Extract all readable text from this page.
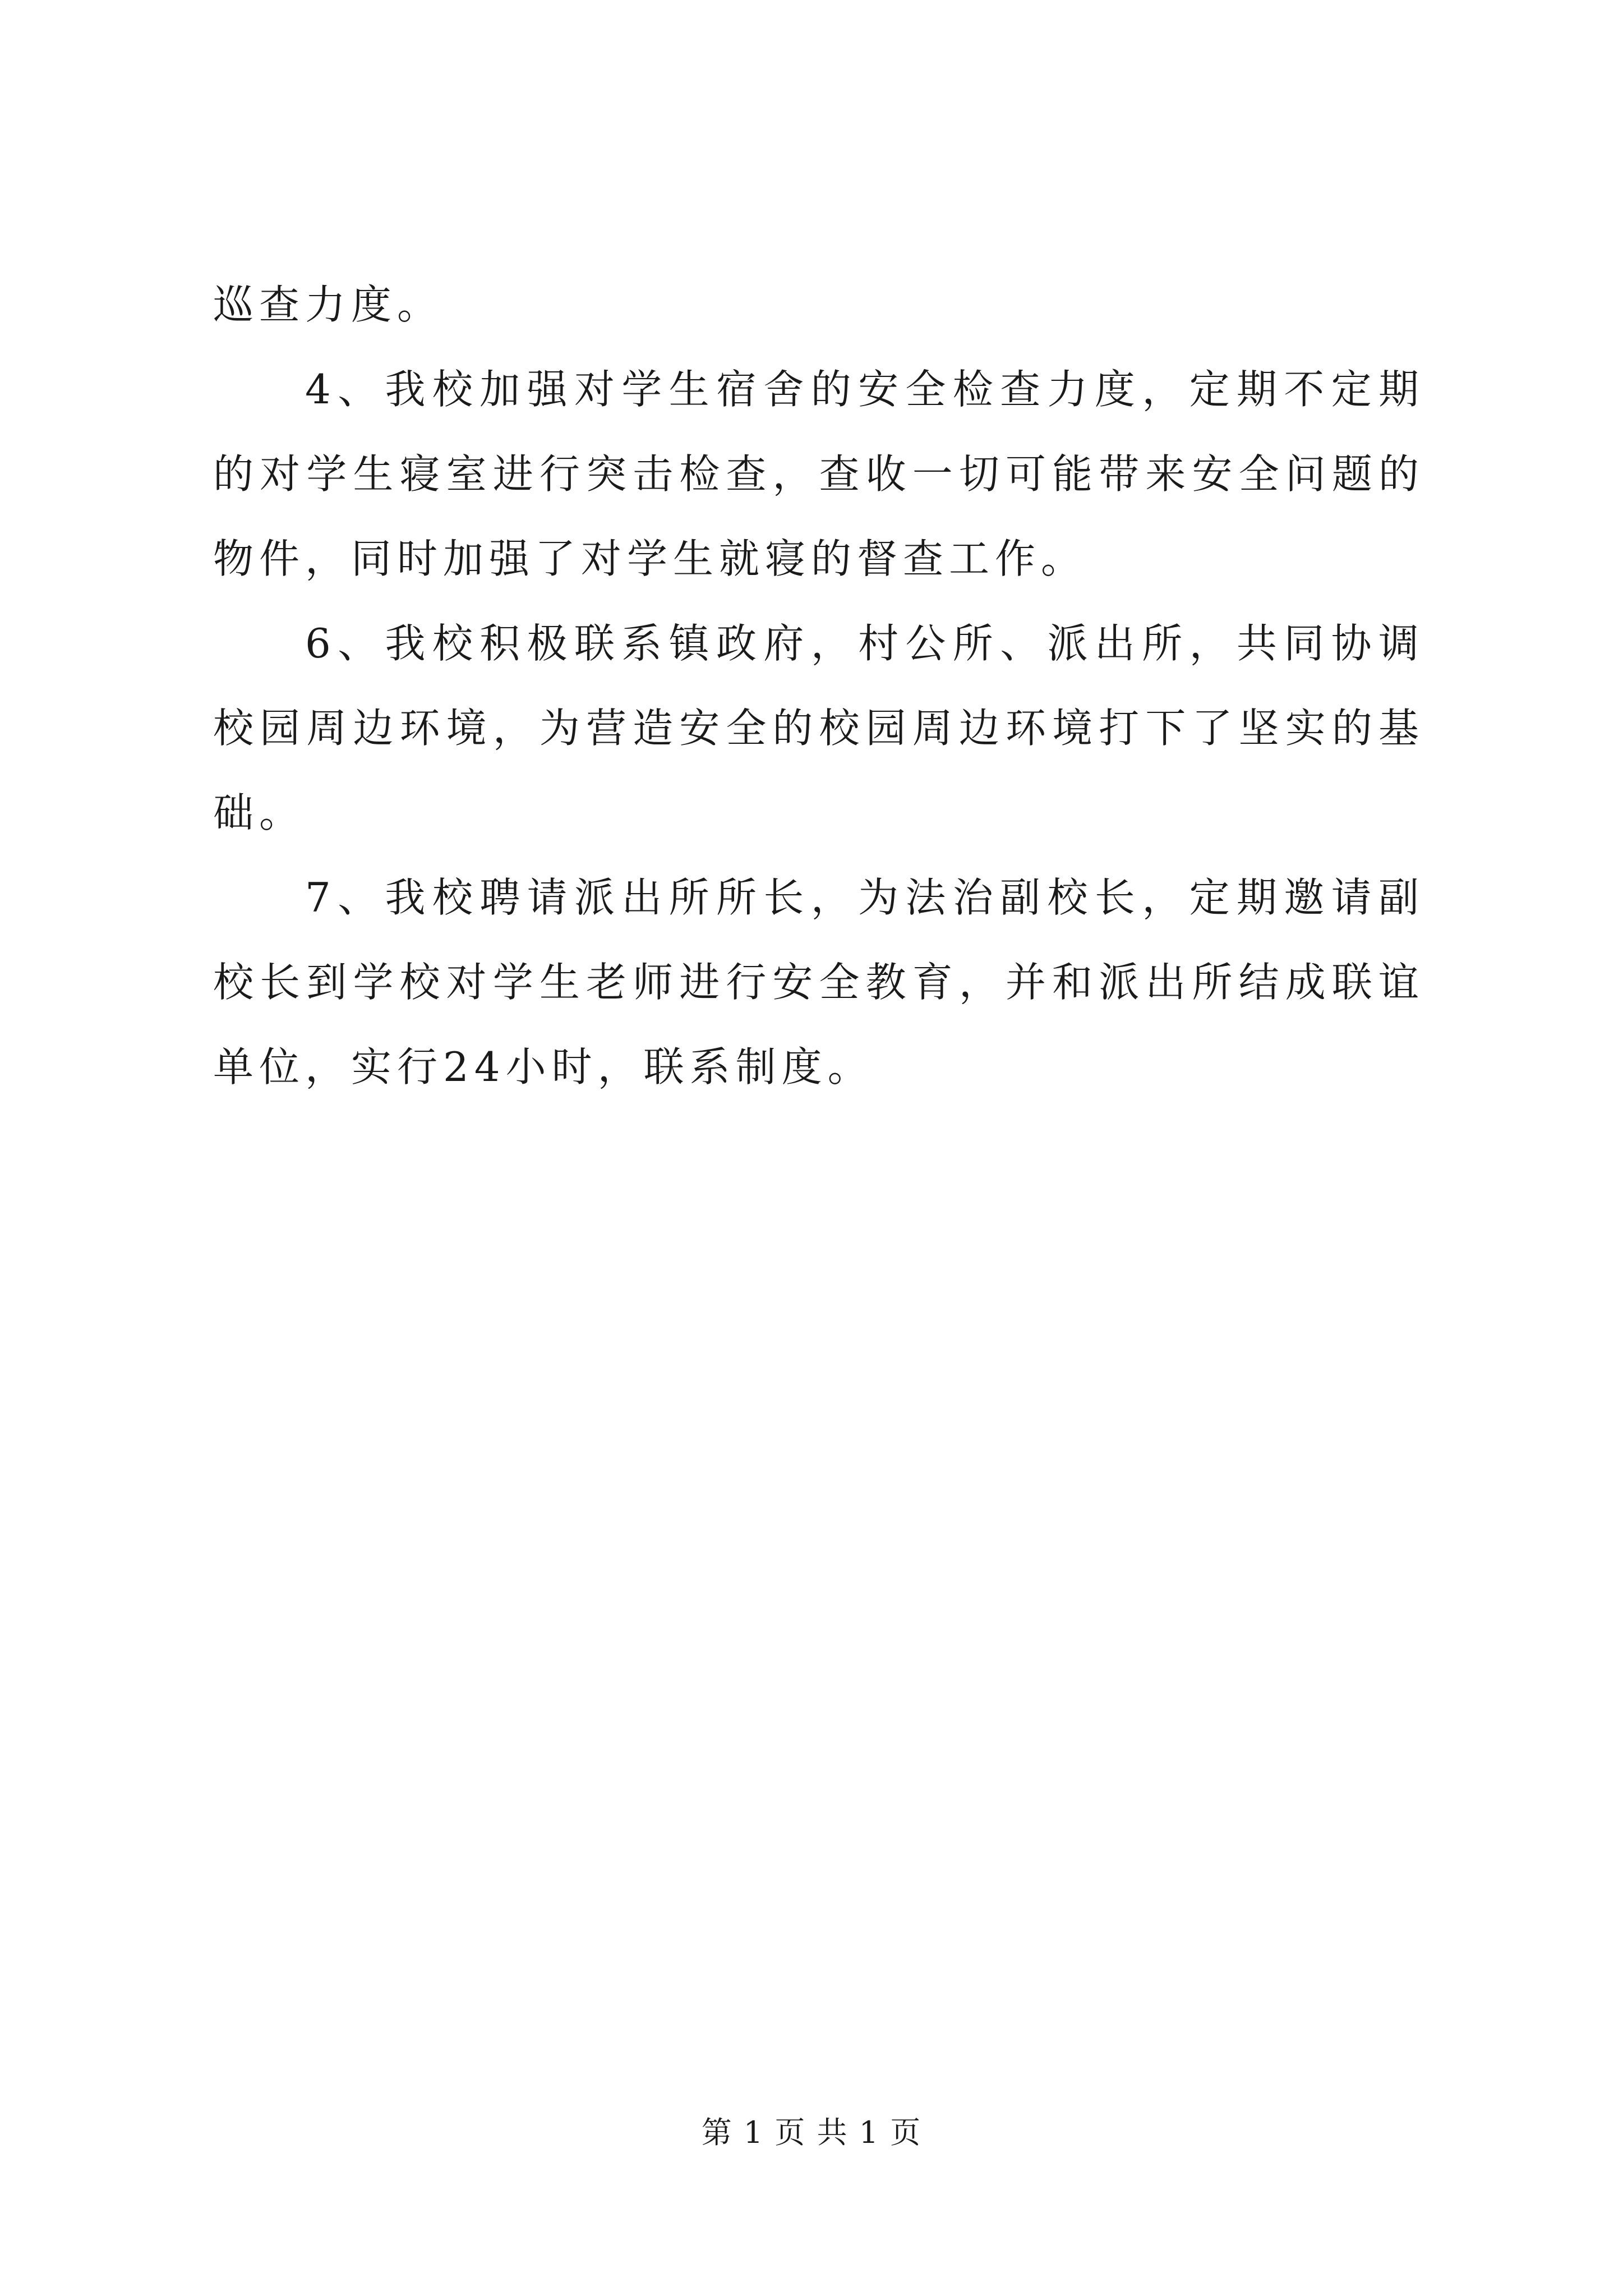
巡查力度。

4、我校加强对学生宿舍的安全检查力度，定期不定期的对学生寝室进行突击检查，查收一切可能带来安全问题的物件，同时加强了对学生就寝的督查工作。

6、我校积极联系镇政府，村公所、派出所，共同协调校园周边环境，为营造安全的校园周边环境打下了坚实的基础。

7、我校聘请派出所所长，为法治副校长，定期邀请副校长到学校对学生老师进行安全教育，并和派出所结成联谊单位，实行24小时，联系制度。

第 1 页 共 1 页
